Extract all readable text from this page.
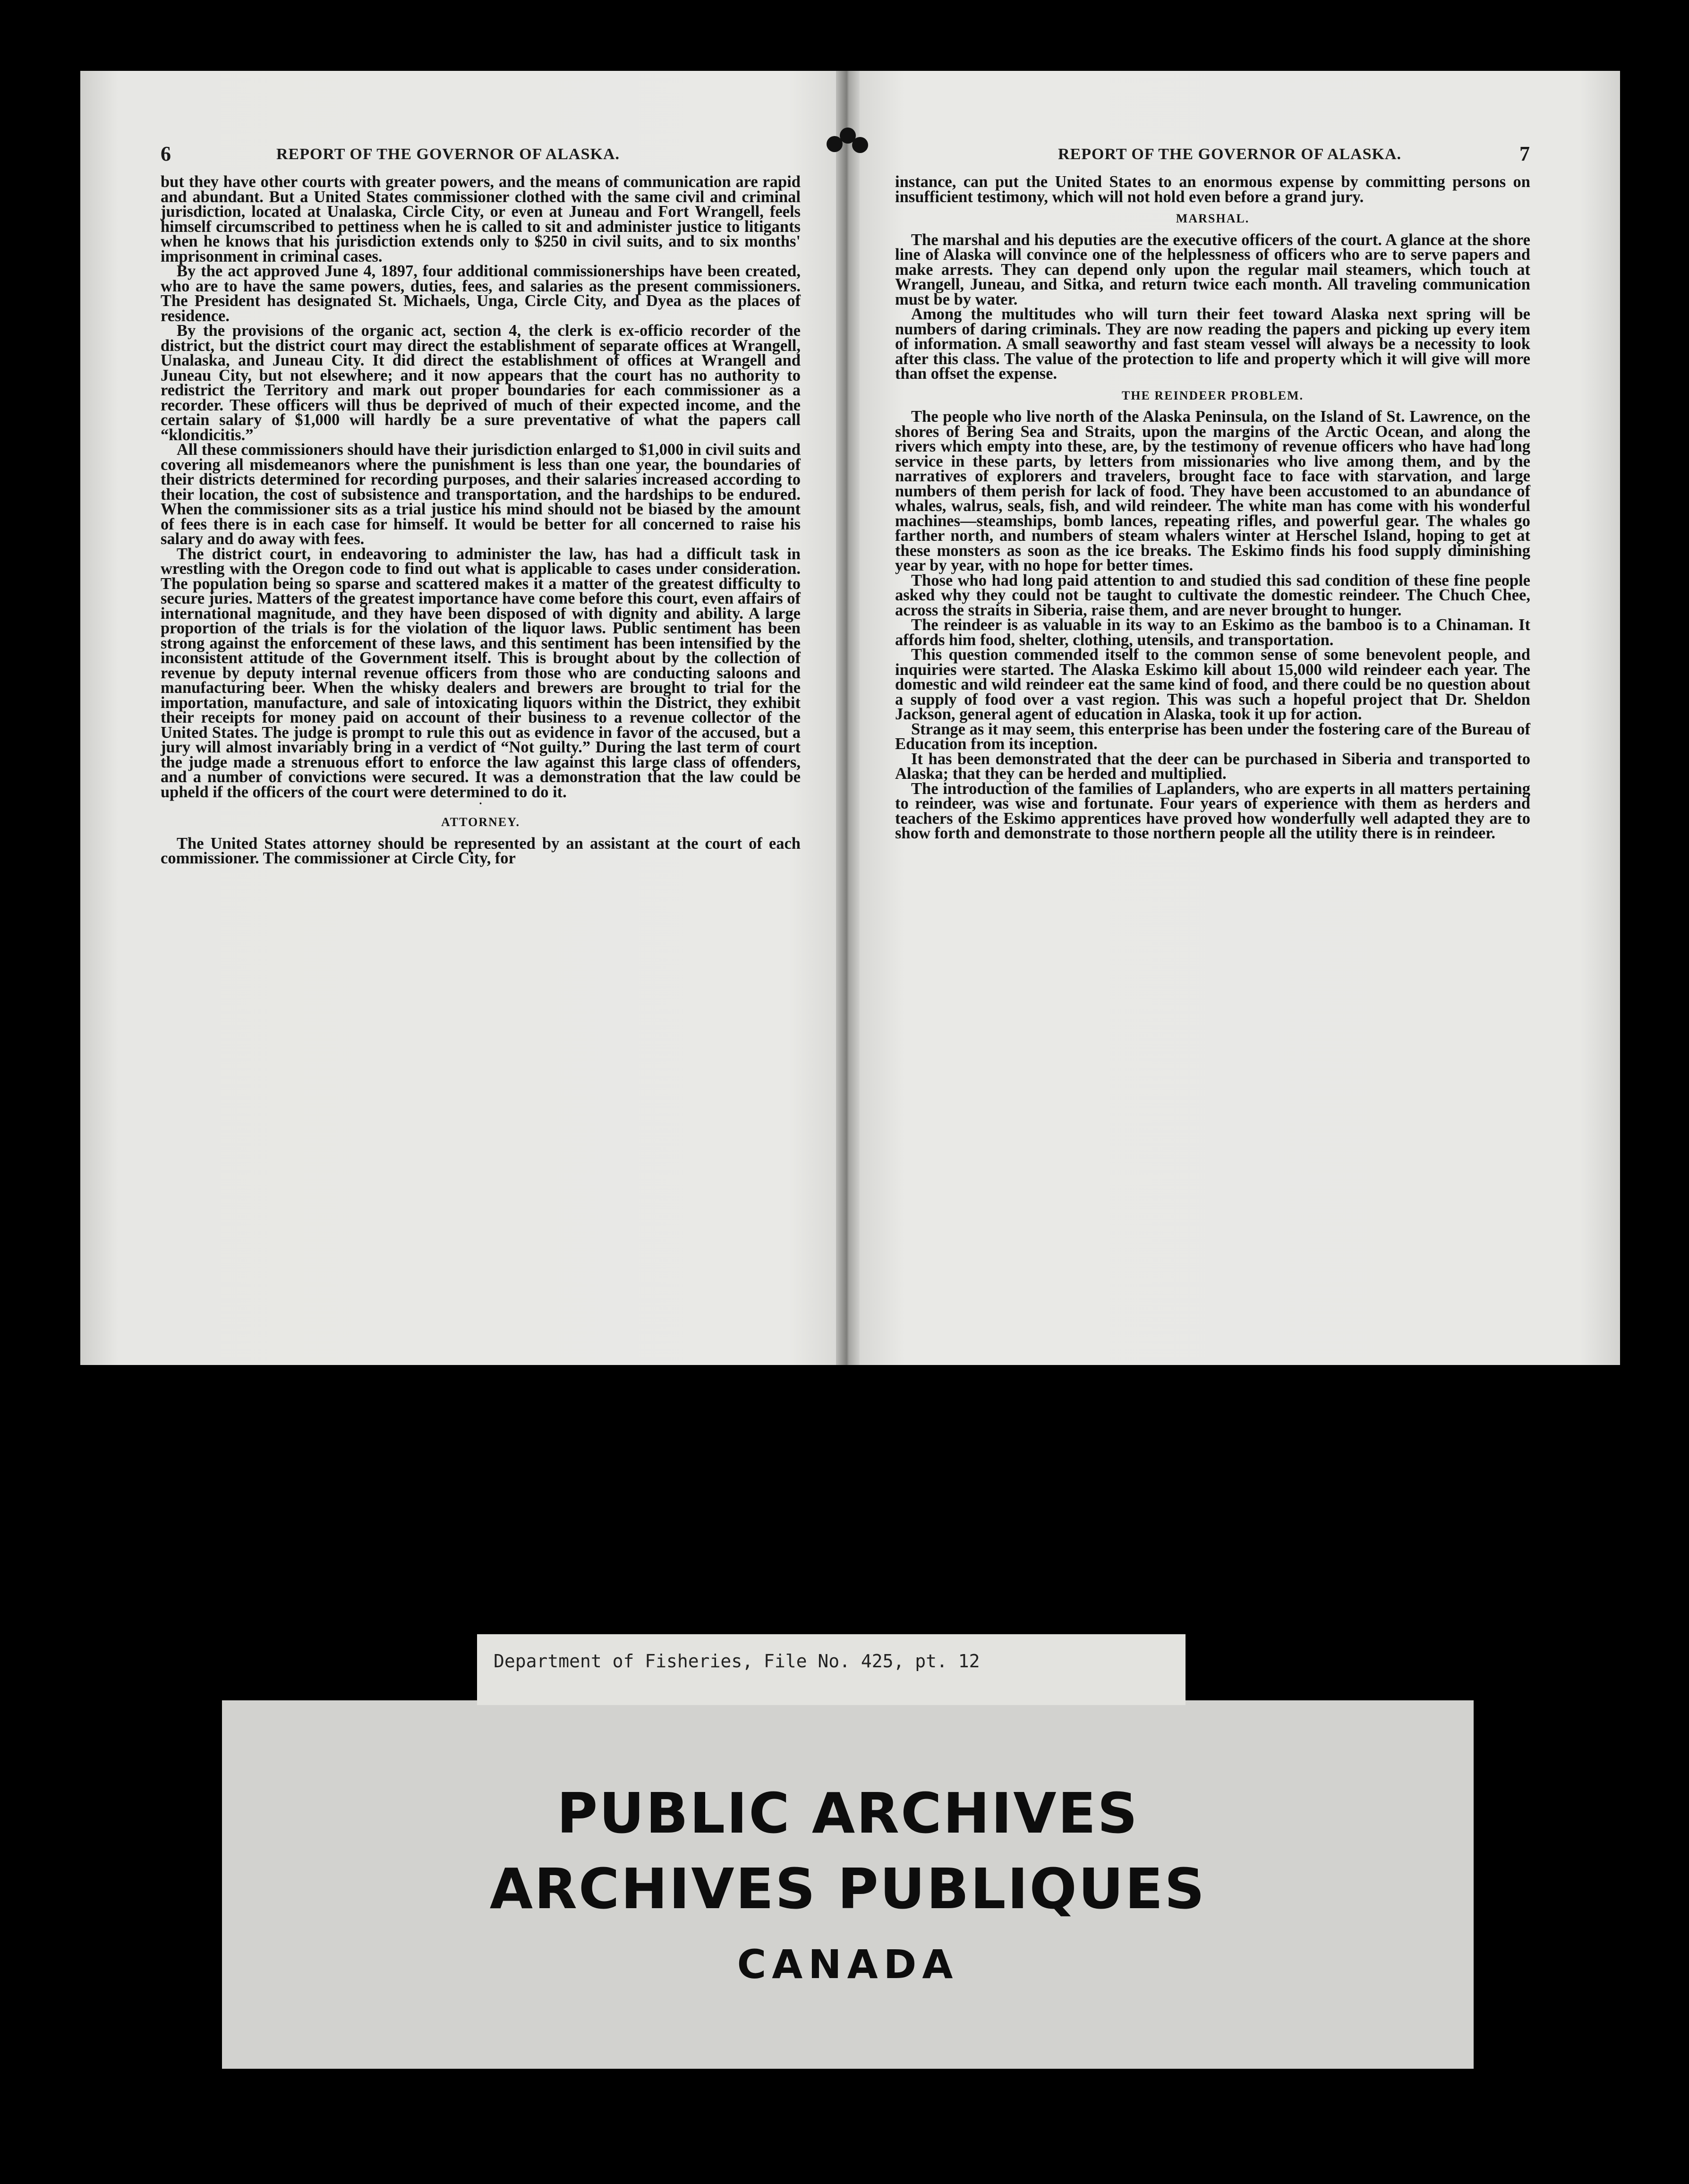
6	REPORT OF THE GOVERNOR OF ALASKA.

but they have other courts with greater powers, and the means of communication are rapid and abundant. But a United States commissioner clothed with the same civil and criminal jurisdiction, located at Unalaska, Circle City, or even at Juneau and Fort Wrangell, feels himself circumscribed to pettiness when he is called to sit and administer justice to litigants when he knows that his jurisdiction extends only to $250 in civil suits, and to six months' imprisonment in criminal cases.

By the act approved June 4, 1897, four additional commissionerships have been created, who are to have the same powers, duties, fees, and salaries as the present commissioners. The President has designated St. Michaels, Unga, Circle City, and Dyea as the places of residence.

By the provisions of the organic act, section 4, the clerk is ex-officio recorder of the district, but the district court may direct the establishment of separate offices at Wrangell, Unalaska, and Juneau City. It did direct the establishment of offices at Wrangell and Juneau City, but not elsewhere; and it now appears that the court has no authority to redistrict the Territory and mark out proper boundaries for each commissioner as a recorder. These officers will thus be deprived of much of their expected income, and the certain salary of $1,000 will hardly be a sure preventative of what the papers call “klondicitis.”

All these commissioners should have their jurisdiction enlarged to $1,000 in civil suits and covering all misdemeanors where the punishment is less than one year, the boundaries of their districts determined for recording purposes, and their salaries increased according to their location, the cost of subsistence and transportation, and the hardships to be endured. When the commissioner sits as a trial justice his mind should not be biased by the amount of fees there is in each case for himself. It would be better for all concerned to raise his salary and do away with fees.

The district court, in endeavoring to administer the law, has had a difficult task in wrestling with the Oregon code to find out what is applicable to cases under consideration. The population being so sparse and scattered makes it a matter of the greatest difficulty to secure juries. Matters of the greatest importance have come before this court, even affairs of international magnitude, and they have been disposed of with dignity and ability. A large proportion of the trials is for the violation of the liquor laws. Public sentiment has been strong against the enforcement of these laws, and this sentiment has been intensified by the inconsistent attitude of the Government itself. This is brought about by the collection of revenue by deputy internal revenue officers from those who are conducting saloons and manufacturing beer. When the whisky dealers and brewers are brought to trial for the importation, manufacture, and sale of intoxicating liquors within the District, they exhibit their receipts for money paid on account of their business to a revenue collector of the United States. The judge is prompt to rule this out as evidence in favor of the accused, but a jury will almost invariably bring in a verdict of “Not guilty.” During the last term of court the judge made a strenuous effort to enforce the law against this large class of offenders, and a number of convictions were secured. It was a demonstration that the law could be upheld if the officers of the court were determined to do it.

·
ATTORNEY.

The United States attorney should be represented by an assistant at the court of each commissioner. The commissioner at Circle City, for

REPORT OF THE GOVERNOR OF ALASKA.	7

instance, can put the United States to an enormous expense by committing persons on insufficient testimony, which will not hold even before a grand jury.

MARSHAL.

The marshal and his deputies are the executive officers of the court. A glance at the shore line of Alaska will convince one of the helplessness of officers who are to serve papers and make arrests. They can depend only upon the regular mail steamers, which touch at Wrangell, Juneau, and Sitka, and return twice each month. All traveling communication must be by water.

Among the multitudes who will turn their feet toward Alaska next spring will be numbers of daring criminals. They are now reading the papers and picking up every item of information. A small seaworthy and fast steam vessel will always be a necessity to look after this class. The value of the protection to life and property which it will give will more than offset the expense.

THE REINDEER PROBLEM.

The people who live north of the Alaska Peninsula, on the Island of St. Lawrence, on the shores of Bering Sea and Straits, upon the margins of the Arctic Ocean, and along the rivers which empty into these, are, by the testimony of revenue officers who have had long service in these parts, by letters from missionaries who live among them, and by the narratives of explorers and travelers, brought face to face with starvation, and large numbers of them perish for lack of food. They have been accustomed to an abundance of whales, walrus, seals, fish, and wild reindeer. The white man has come with his wonderful machines—steamships, bomb lances, repeating rifles, and powerful gear. The whales go farther north, and numbers of steam whalers winter at Herschel Island, hoping to get at these monsters as soon as the ice breaks. The Eskimo finds his food supply diminishing year by year, with no hope for better times.

Those who had long paid attention to and studied this sad condition of these fine people asked why they could not be taught to cultivate the domestic reindeer. The Chuch Chee, across the straits in Siberia, raise them, and are never brought to hunger.

The reindeer is as valuable in its way to an Eskimo as the bamboo is to a Chinaman. It affords him food, shelter, clothing, utensils, and transportation.

This question commended itself to the common sense of some benevolent people, and inquiries were started. The Alaska Eskimo kill about 15,000 wild reindeer each year. The domestic and wild reindeer eat the same kind of food, and there could be no question about a supply of food over a vast region. This was such a hopeful project that Dr. Sheldon Jackson, general agent of education in Alaska, took it up for action.

Strange as it may seem, this enterprise has been under the fostering care of the Bureau of Education from its inception.

It has been demonstrated that the deer can be purchased in Siberia and transported to Alaska; that they can be herded and multiplied.

The introduction of the families of Laplanders, who are experts in all matters pertaining to reindeer, was wise and fortunate. Four years of experience with them as herders and teachers of the Eskimo apprentices have proved how wonderfully well adapted they are to show forth and demonstrate to those northern people all the utility there is in reindeer.

Department of Fisheries, File No. 425, pt. 12
PUBLIC ARCHIVES
ARCHIVES PUBLIQUES
CANADA
